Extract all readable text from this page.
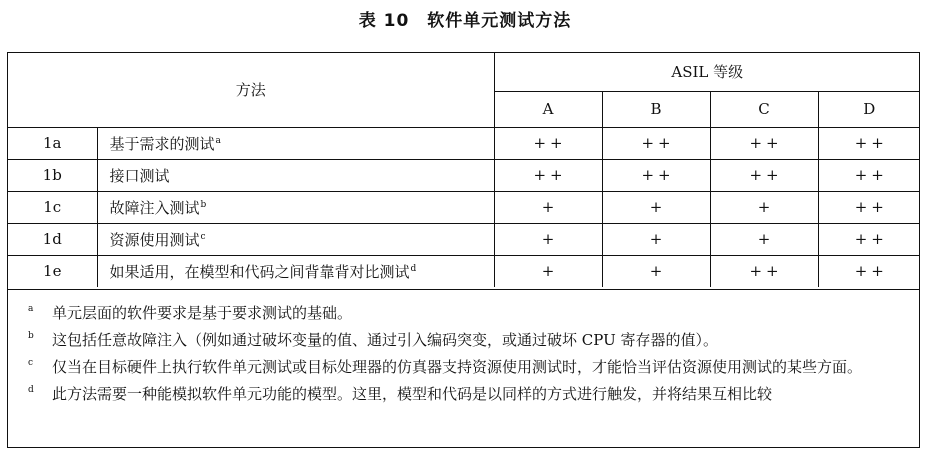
表 10　软件单元测试方法
方法		ASIL 等级			
		A	B	C	D
1a	基于需求的测试$^a$	++	++	++	++
1b	接口测试	++	++	++	++
1c	故障注入测试$^b$	+	+	+	++
1d	资源使用测试$^c$	+	+	+	++
1e	如果适用，在模型和代码之间背靠背对比测试$^d$	+	+	++	++
a 单元层面的软件要求是基于要求测试的基础。
b 这包括任意故障注入（例如通过破坏变量的值、通过引入编码突变，或通过破坏 CPU 寄存器的值）。
c 仅当在目标硬件上执行软件单元测试或目标处理器的仿真器支持资源使用测试时，才能恰当评估资源使用测试的某些方面。
d 此方法需要一种能模拟软件单元功能的模型。这里，模型和代码是以同样的方式进行触发，并将结果互相比较
